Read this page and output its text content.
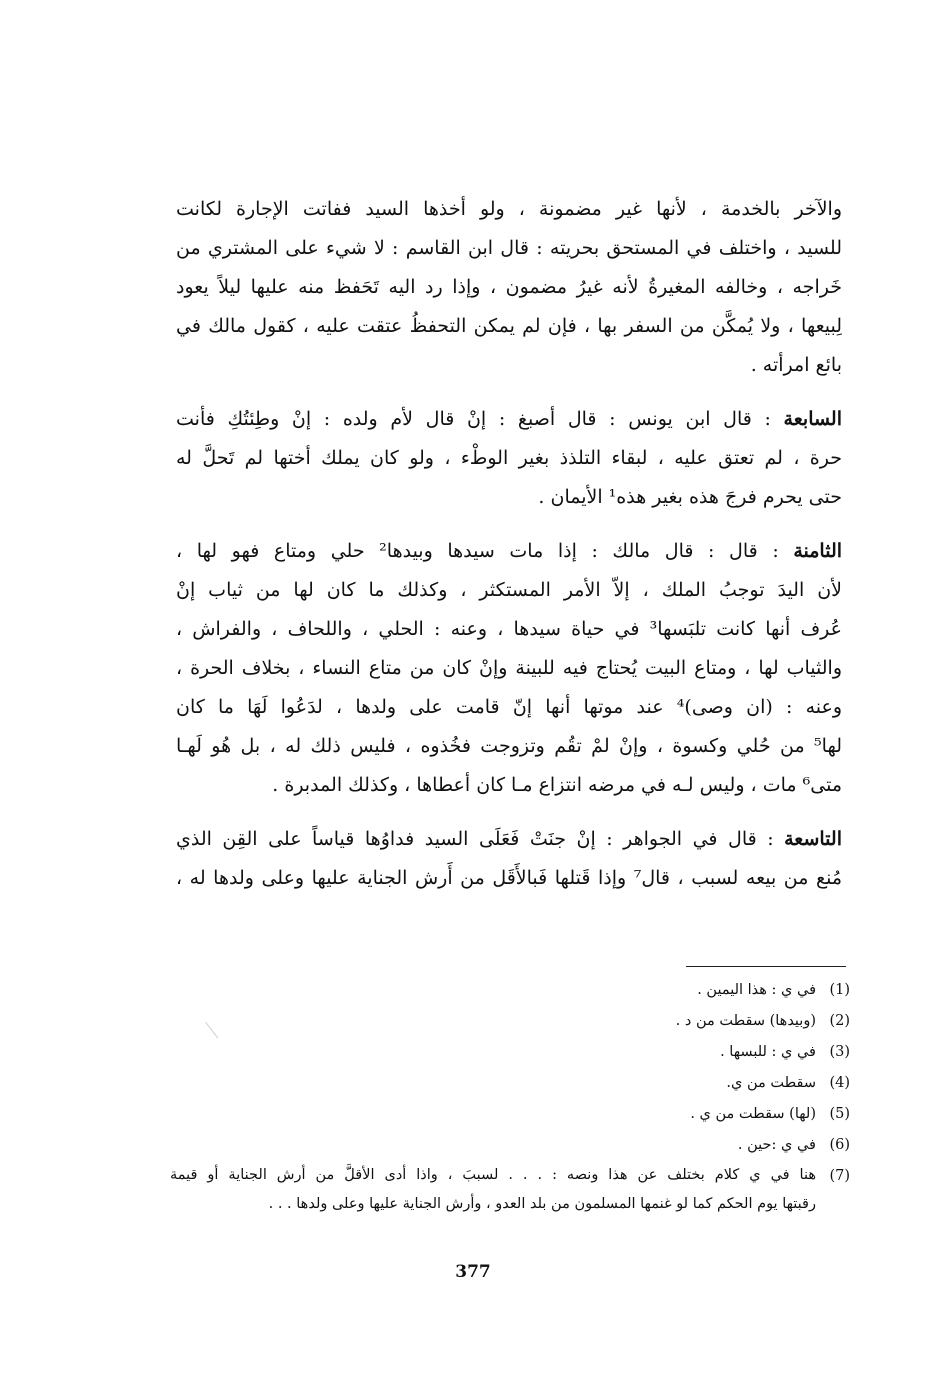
والآخر بالخدمة ، لأنها غير مضمونة ، ولو أخذها السيد ففاتت الإجارة لكانت
للسيد ، واختلف في المستحق بحريته : قال ابن القاسم : لا شيء على المشتري من
خَراجه ، وخالفه المغيرةُ لأنه غيرُ مضمون ، وإذا رد اليه تَحَفظ منه عليها ليلاً يعود
لِبيعها ، ولا يُمكَّن من السفر بها ، فإن لم يمكن التحفظُ عتقت عليه ، كقول مالك في
بائع امرأته .
السابعة : قال ابن يونس : قال أصبغ : إنْ قال لأم ولده : إنْ وطِئتُكِ فأنت
حرة ، لم تعتق عليه ، لبقاء التلذذ بغير الوطْء ، ولو كان يملك أختها لم تَحلَّ له
حتى يحرم فرجَ هذه بغير هذه¹ الأيمان .
الثامنة : قال : قال مالك : إذا مات سيدها وبيدها² حلي ومتاع فهو لها ،
لأن اليدَ توجبُ الملك ، إلاّ الأمر المستكثر ، وكذلك ما كان لها من ثياب إنْ
عُرف أنها كانت تلبَسها³ في حياة سيدها ، وعنه : الحلي ، واللحاف ، والفراش ،
والثياب لها ، ومتاع البيت يُحتاج فيه للبينة وإنْ كان من متاع النساء ، بخلاف الحرة ،
وعنه : (ان وصى)⁴ عند موتها أنها إنّ قامت على ولدها ، لدَعُوا لَهَا ما كان
لها⁵ من حُلي وكسوة ، وإنْ لمْ تقُم وتزوجت فخُذوه ، فليس ذلك له ، بل هُو لَهـا
متى⁶ مات ، وليس لـه في مرضه انتزاع مـا كان أعطاها ، وكذلك المدبرة .
التاسعة : قال في الجواهر : إنْ جنَتْ فَعَلَى السيد فداوُها قياساً على القِن الذي
مُنع من بيعه لسبب ، قال⁷ وإذا قَتلها فَبالأَقَل من أَرش الجناية عليها وعلى ولدها له ،
(1)
في ي : هذا اليمين .
(2)
(وبيدها) سقطت من د .
(3)
في ي : للبسها .
(4)
سقطت من ي.
(5)
(لها) سقطت من ي .
(6)
في ي :حين .
(7)
هنا في ي كلام بختلف عن هذا ونصه : . . . لسببَ ، واذا أدى الأقلَّ من أرش الجناية أو قيمة
رقبتها يوم الحكم كما لو غنمها المسلمون من بلد العدو ، وأرش الجناية عليها وعلى ولدها . . .
377
